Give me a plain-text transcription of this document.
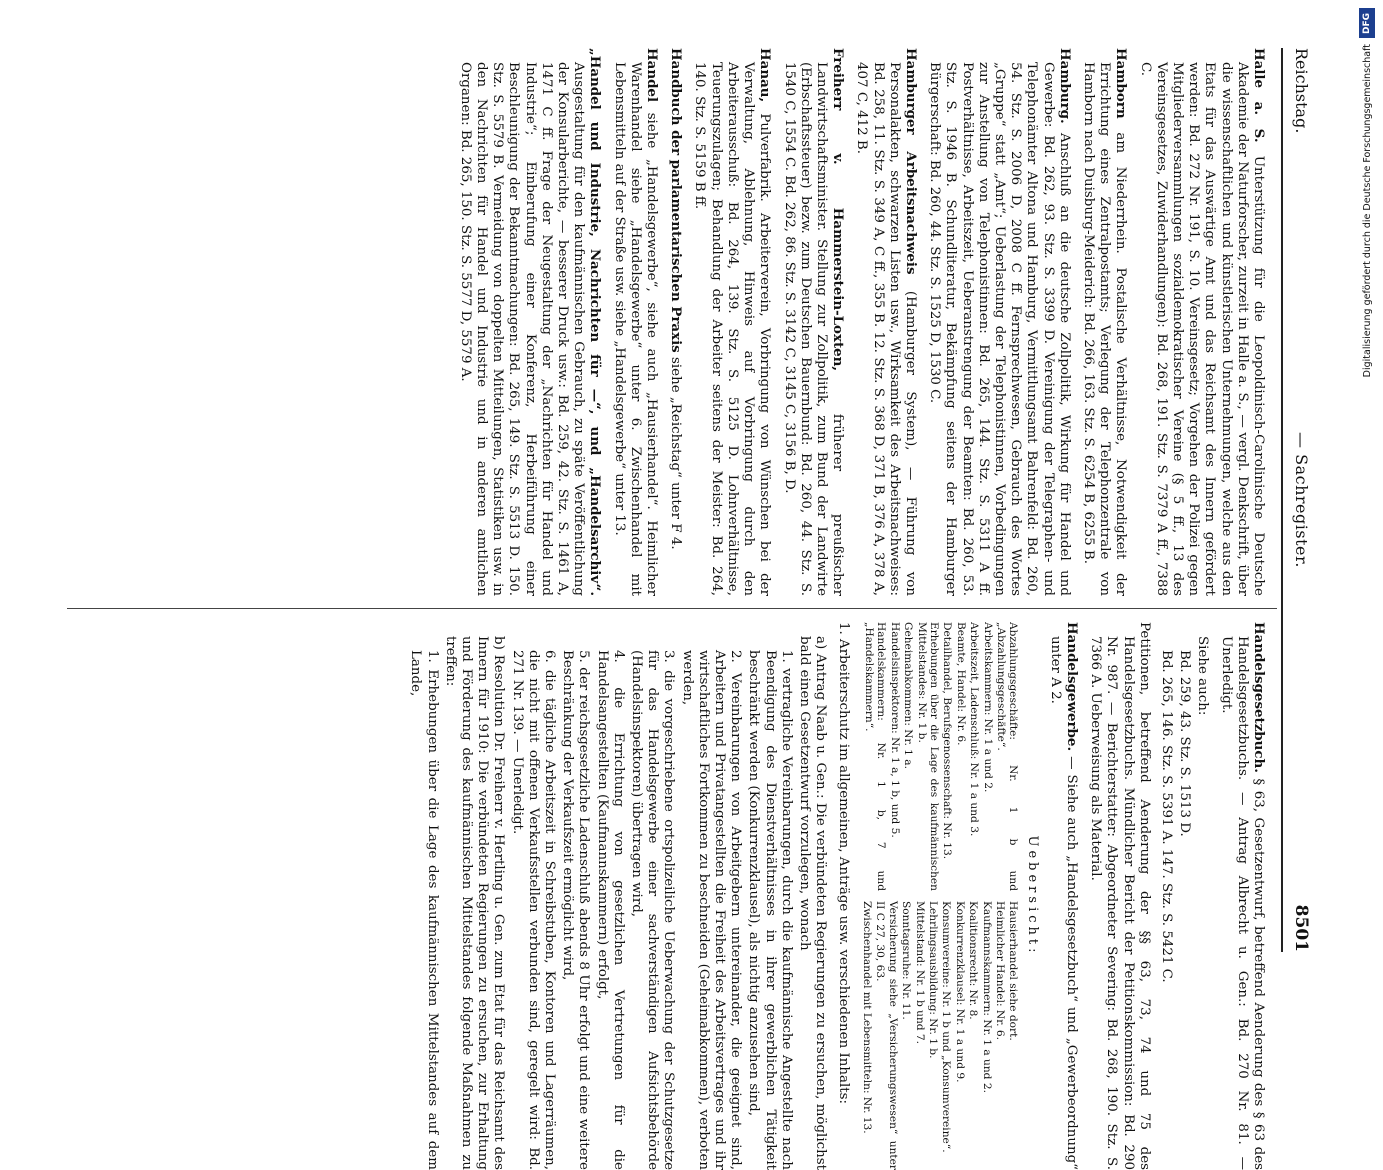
Reichstag.
— Sachregister.
8501

Halle a. S. Unterstützung für die Leopoldinisch-Carolinische Deutsche Akademie der Naturforscher, zurzeit in Halle a. S., — vergl. Denkschrift, über die wissenschaftlichen und künstlerischen Unternehmungen, welche aus den Etats für das Auswärtige Amt und das Reichsamt des Innern gefördert werden: Bd. 272 Nr. 191, S. 10. Vereinsgesetz; Vorgehen der Polizei gegen Mitgliederversammlungen sozialdemokratischer Vereine (§ 5 ff., 13 des Vereinsgesetzes, Zuwiderhandlungen): Bd. 268, 191. Stz. S. 7379 A ff., 7388 C.

Hamborn am Niederrhein. Postalische Verhältnisse, Notwendigkeit der Errichtung eines Zentralpostamts; Verlegung der Telephonzentrale von Hamborn nach Duisburg-Meiderich: Bd. 266, 163. Stz. S. 6254 B, 6255 B.

Hamburg. Anschluß an die deutsche Zollpolitik, Wirkung für Handel und Gewerbe: Bd. 262, 93. Stz. S. 3399 D. Vereinigung der Telegraphen- und Telephonämter Altona und Hamburg, Vermittlungsamt Bahrenfeld: Bd. 260, 54. Stz. S. 2006 D, 2008 C ff. Fernsprechwesen, Gebrauch des Wortes „Gruppe“ statt „Amt“; Ueberlastung der Telephonistinnen, Vorbedingungen zur Anstellung von Telephonistinnen: Bd. 265, 144. Stz. S. 5311 A ff. Postverhältnisse, Arbeitszeit, Ueberanstrengung der Beamten: Bd. 260, 53. Stz. S. 1946 B. Schundliteratur, Bekämpfung seitens der Hamburger Bürgerschaft: Bd. 260, 44. Stz. S. 1525 D, 1530 C.

Hamburger Arbeitsnachweis (Hamburger System), — Führung von Personalakten, schwarzen Listen usw., Wirksamkeit des Arbeitsnachweises: Bd. 258, 11. Stz. S. 349 A, C ff., 355 B. 12. Stz. S. 368 D, 371 B, 376 A, 378 A, 407 C, 412 B.

Freiherr v. Hammerstein-Loxten, früherer preußischer Landwirtschaftsminister. Stellung zur Zollpolitik, zum Bund der Landwirte (Erbschaftssteuer) bezw. zum Deutschen Bauernbund: Bd. 260, 44. Stz. S. 1540 C, 1554 C. Bd. 262, 86. Stz. S. 3142 C, 3145 C, 3156 B, D.

Hanau, Pulverfabrik. Arbeiterverein, Vorbringung von Wünschen bei der Verwaltung, Ablehnung, Hinweis auf Vorbringung durch den Arbeiterausschuß: Bd. 264, 139. Stz. S. 5125 D. Lohnverhältnisse, Teuerungszulagen; Behandlung der Arbeiter seitens der Meister: Bd. 264, 140. Stz. S. 5159 B ff.

Handbuch der parlamentarischen Praxis siehe „Reichstag“ unter F 4.

Handel siehe „Handelsgewerbe“, siehe auch „Hausierhandel“. Heimlicher Warenhandel siehe „Handelsgewerbe“ unter 6. Zwischenhandel mit Lebensmitteln auf der Straße usw. siehe „Handelsgewerbe“ unter 13.

„Handel und Industrie, Nachrichten für —“, und „Handelsarchiv“. Ausgestaltung für den kaufmännischen Gebrauch, zu späte Veröffentlichung der Konsularberichte, — besserer Druck usw.: Bd. 259, 42. Stz. S. 1461 A, 1471 C ff. Frage der Neugestaltung der „Nachrichten für Handel und Industrie“; Einberufung einer Konferenz, Herbeiführung einer Beschleunigung der Bekanntmachungen: Bd. 265, 149. Stz. S. 5513 D. 150. Stz. S. 5579 B. Vermeidung von doppelten Mitteilungen, Statistiken usw. in den Nachrichten für Handel und Industrie und in anderen amtlichen Organen: Bd. 265, 150. Stz. S. 5577 D, 5579 A.

Handelsgesetzbuch. § 63, Gesetzentwurf, betreffend Aenderung des § 63 des Handelsgesetzbuchs. — Antrag Albrecht u. Gen.: Bd. 270 Nr. 81. — Unerledigt.

Siehe auch:

Bd. 259, 43. Stz. S. 1513 D.

Bd. 265, 146. Stz. S. 5391 A. 147. Stz. S. 5421 C.

Petitionen, betreffend Aenderung der §§ 63, 73, 74 und 75 des Handelsgesetzbuchs. Mündlicher Bericht der Petitionskommission: Bd. 290 Nr. 987. — Berichterstatter: Abgeordneter Severing: Bd. 268, 190. Stz. S. 7366 A. Ueberweisung als Material.

Handelsgewerbe. — Siehe auch „Handelsgesetzbuch“ und „Gewerbeordnung“ unter A 2.

Uebersicht:

Abzahlungsgeschäfte: Nr. 1 b und „Abzahlungsgeschäfte“.
Arbeitskammern: Nr. 1 a und 2.
Arbeitszeit, Ladenschluß: Nr. 1 a und 3.
Beamte, Handel: Nr. 6.
Detailhandel, Berufsgenossenschaft: Nr. 13.
Erhebungen über die Lage des kaufmännischen Mittelstandes: Nr. 1 b.
Geheimabkommen: Nr. 1 a.
Handelsinspektoren: Nr. 1 a, 1 b, und 5.
Handelskammern: Nr. 1 b, 7 und „Handelskammern“.
Hausierhandel siehe dort.
Heimlicher Handel: Nr. 6.
Kaufmannskammern: Nr. 1 a und 2.
Koalitionsrecht: Nr. 8.
Konkurrenzklausel: Nr. 1 a und 9.
Konsumvereine: Nr. 1 b und „Konsumvereine“.
Lehrlingsausbildung: Nr. 1 b.
Mittelstand: Nr. 1 b und 7.
Sonntagsruhe: Nr. 11.
Versicherung siehe „Versicherungswesen“ unter II C 27, 30, 63.
Zwischenhandel mit Lebensmitteln: Nr. 13.

1. Arbeiterschutz im allgemeinen, Anträge usw. verschiedenen Inhalts:

a) Antrag Naab u. Gen.: Die verbündeten Regierungen zu ersuchen, möglichst bald einen Gesetzentwurf vorzulegen, wonach

1. vertragliche Vereinbarungen, durch die kaufmännische Angestellte nach Beendigung des Dienstverhältnisses in ihrer gewerblichen Tätigkeit beschränkt werden (Konkurrenzklausel), als nichtig anzusehen sind,

2. Vereinbarungen von Arbeitgebern untereinander, die geeignet sind, Arbeitern und Privatangestellten die Freiheit des Arbeitsvertrages und ihr wirtschaftliches Fortkommen zu beschneiden (Geheimabkommen), verboten werden,

3. die vorgeschriebene ortspolizeiliche Ueberwachung der Schutzgesetze für das Handelsgewerbe einer sachverständigen Aufsichtsbehörde (Handelsinspektoren) übertragen wird,

4. die Errichtung von gesetzlichen Vertretungen für die Handelsangestellten (Kaufmannskammern) erfolgt,

5. der reichsgesetzliche Ladenschluß abends 8 Uhr erfolgt und eine weitere Beschränkung der Verkaufszeit ermöglicht wird,

6. die tägliche Arbeitszeit in Schreibstuben, Kontoren und Lagerräumen, die nicht mit offenen Verkaufsstellen verbunden sind, geregelt wird: Bd. 271 Nr. 139. — Unerledigt.

b) Resolution Dr. Freiherr v. Hertling u. Gen. zum Etat für das Reichsamt des Innern für 1910: Die verbündeten Regierungen zu ersuchen, zur Erhaltung und Förderung des kaufmännischen Mittelstandes folgende Maßnahmen zu treffen:

1. Erhebungen über die Lage des kaufmännischen Mittelstandes auf dem Lande,

DFG
Digitalisierung gefördert durch die Deutsche Forschungsgemeinschaft
